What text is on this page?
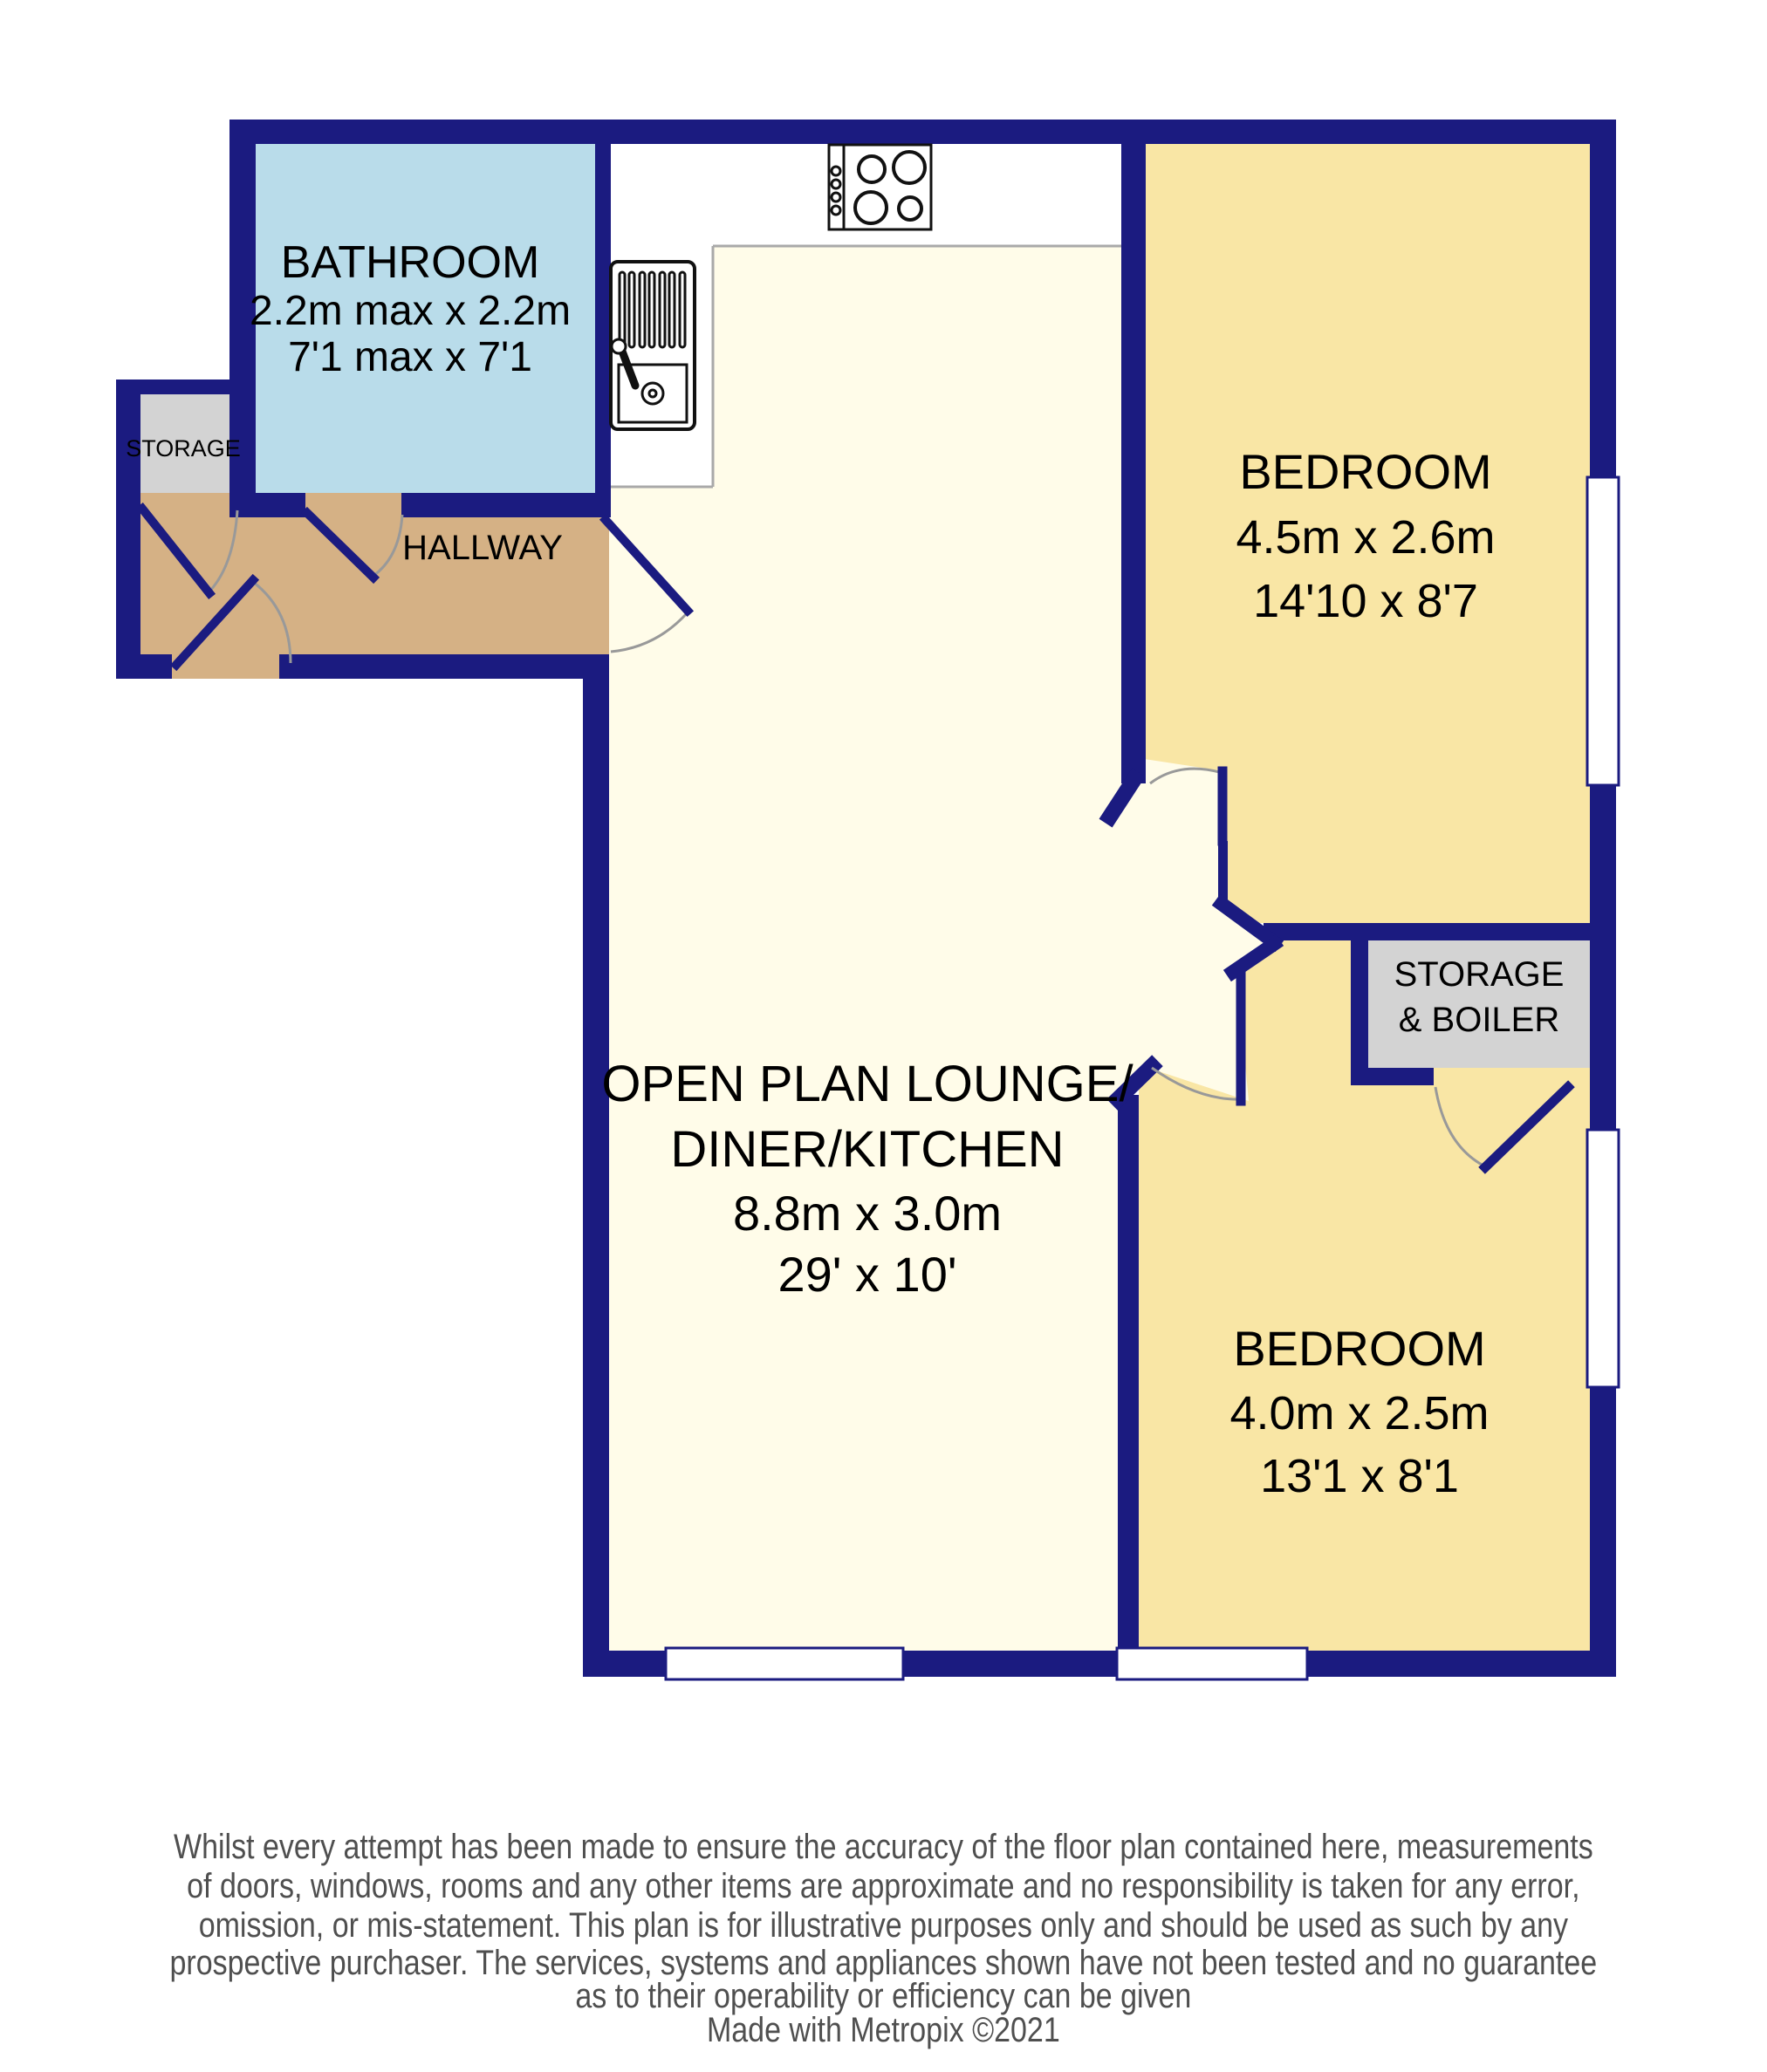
BATHROOM
2.2m max x 2.2m
7'1 max x 7'1
STORAGE
HALLWAY
OPEN PLAN LOUNGE/
DINER/KITCHEN
8.8m x 3.0m
29' x 10'
BEDROOM
4.5m x 2.6m
14'10 x 8'7
BEDROOM
4.0m x 2.5m
13'1 x 8'1
STORAGE
& BOILER
Whilst every attempt has been made to ensure the accuracy of the floor plan contained here, measurements
of doors, windows, rooms and any other items are approximate and no responsibility is taken for any error,
omission, or mis-statement. This plan is for illustrative purposes only and should be used as such by any
prospective purchaser. The services, systems and appliances shown have not been tested and no guarantee
as to their operability or efficiency can be given
Made with Metropix ©2021
